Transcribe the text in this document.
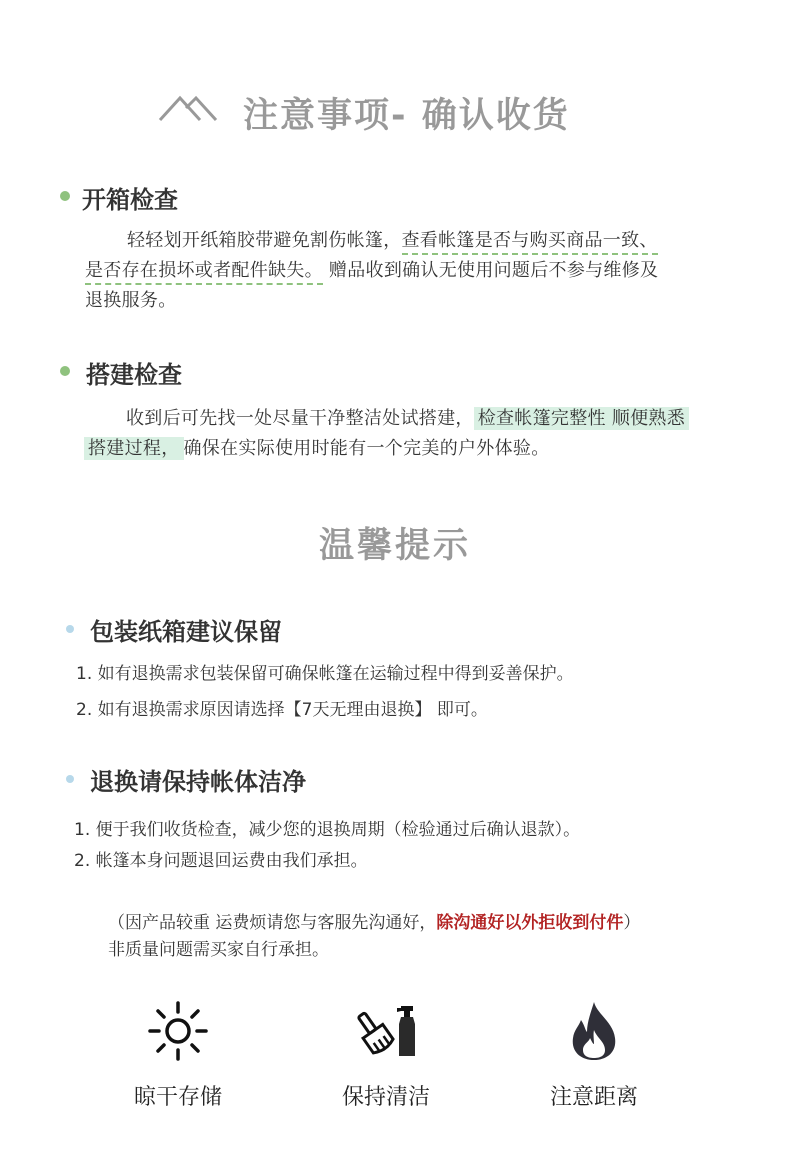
注意事项- 确认收货
开箱检查
轻轻划开纸箱胶带避免割伤帐篷，查看帐篷是否与购买商品一致、
是否存在损坏或者配件缺失。 赠品收到确认无使用问题后不参与维修及
退换服务。
搭建检查
收到后可先找一处尽量干净整洁处试搭建， 检查帐篷完整性 顺便熟悉
搭建过程， 确保在实际使用时能有一个完美的户外体验。
温馨提示
包装纸箱建议保留
1. 如有退换需求包装保留可确保帐篷在运输过程中得到妥善保护。
2. 如有退换需求原因请选择【7天无理由退换】 即可。
退换请保持帐体洁净
1. 便于我们收货检查，减少您的退换周期（检验通过后确认退款）。
2. 帐篷本身问题退回运费由我们承担。
（因产品较重 运费烦请您与客服先沟通好，除沟通好以外拒收到付件）
非质量问题需买家自行承担。
晾干存储	保持清洁	注意距离
